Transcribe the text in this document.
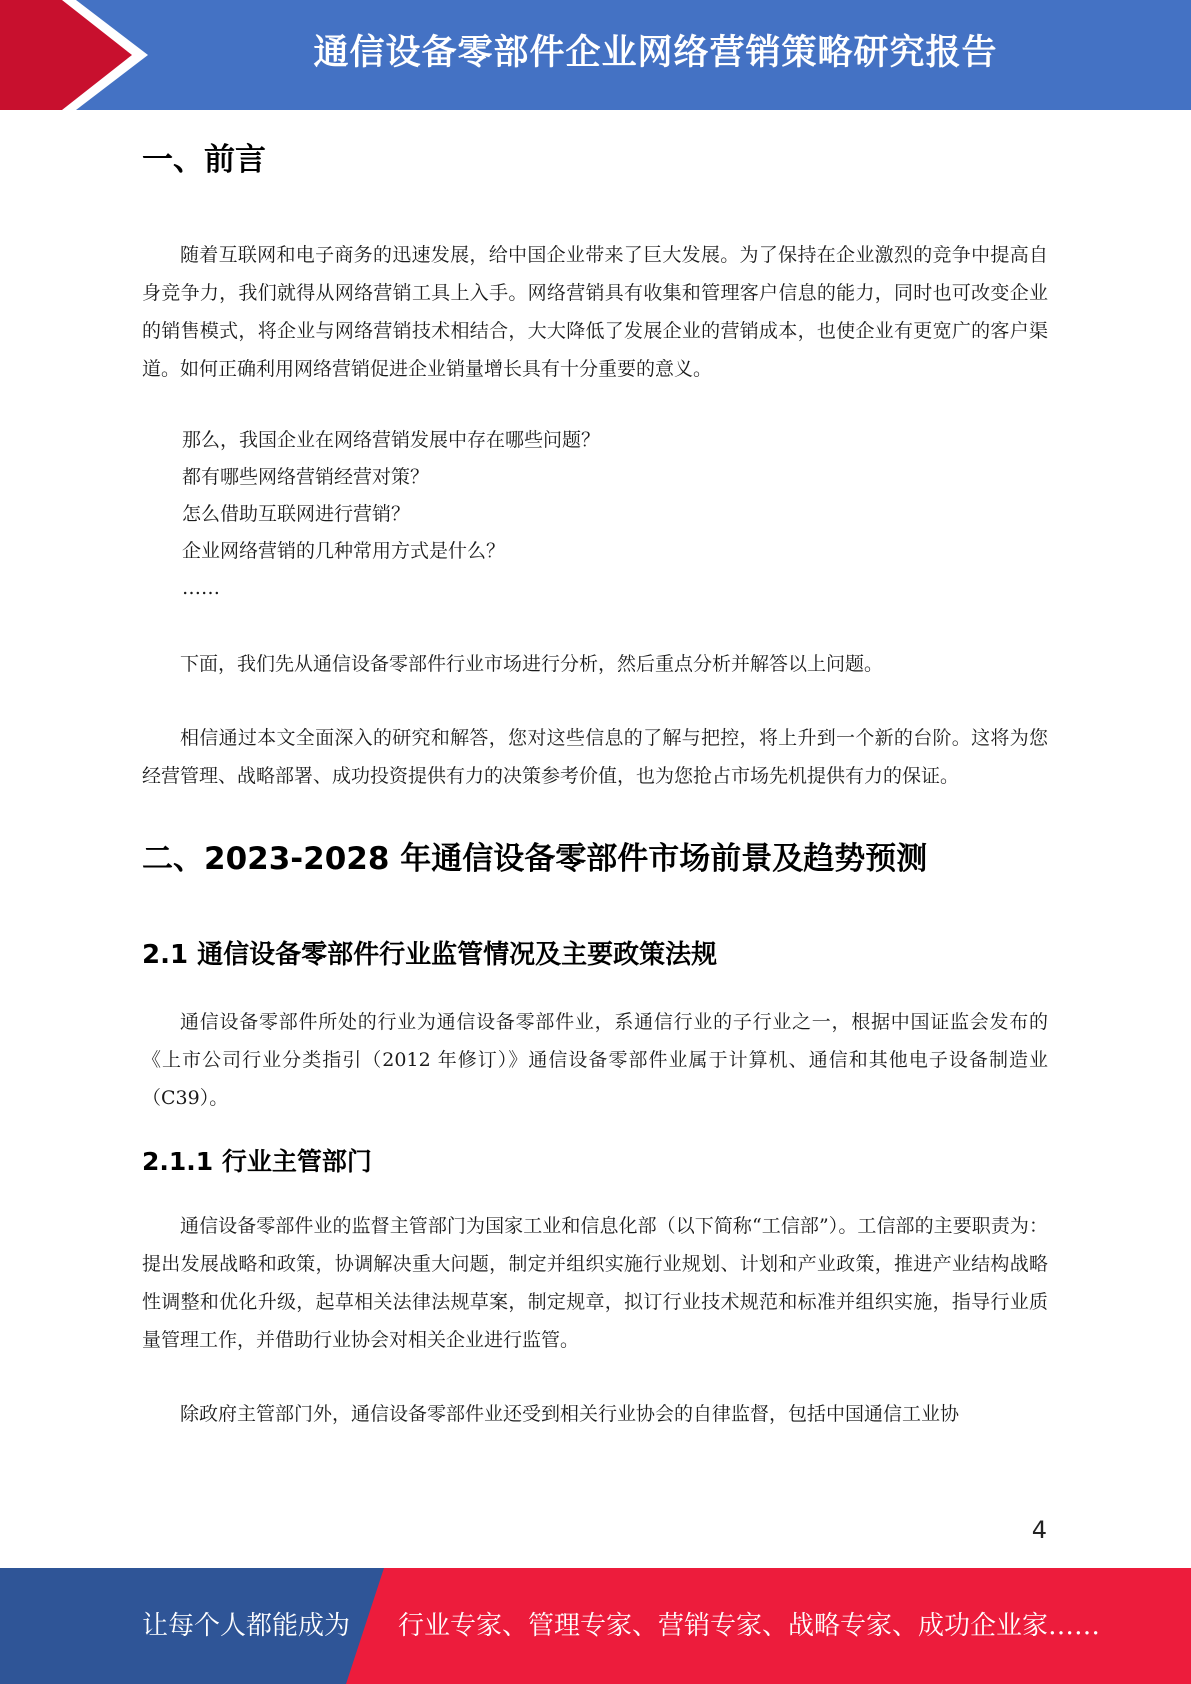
通信设备零部件企业网络营销策略研究报告
一、前言

随着互联网和电子商务的迅速发展，给中国企业带来了巨大发展。为了保持在企业激烈的竞争中提高自身竞争力，我们就得从网络营销工具上入手。网络营销具有收集和管理客户信息的能力，同时也可改变企业的销售模式，将企业与网络营销技术相结合，大大降低了发展企业的营销成本，也使企业有更宽广的客户渠道。如何正确利用网络营销促进企业销量增长具有十分重要的意义。

那么，我国企业在网络营销发展中存在哪些问题？
都有哪些网络营销经营对策？
怎么借助互联网进行营销？
企业网络营销的几种常用方式是什么？
……

下面，我们先从通信设备零部件行业市场进行分析，然后重点分析并解答以上问题。

相信通过本文全面深入的研究和解答，您对这些信息的了解与把控，将上升到一个新的台阶。这将为您经营管理、战略部署、成功投资提供有力的决策参考价值，也为您抢占市场先机提供有力的保证。

二、2023-2028 年通信设备零部件市场前景及趋势预测
2.1 通信设备零部件行业监管情况及主要政策法规

通信设备零部件所处的行业为通信设备零部件业，系通信行业的子行业之一，根据中国证监会发布的《上市公司行业分类指引（2012 年修订）》通信设备零部件业属于计算机、通信和其他电子设备制造业（C39）。

2.1.1 行业主管部门

通信设备零部件业的监督主管部门为国家工业和信息化部（以下简称“工信部”）。工信部的主要职责为：提出发展战略和政策，协调解决重大问题，制定并组织实施行业规划、计划和产业政策，推进产业结构战略性调整和优化升级，起草相关法律法规草案，制定规章，拟订行业技术规范和标准并组织实施，指导行业质量管理工作，并借助行业协会对相关企业进行监管。

除政府主管部门外，通信设备零部件业还受到相关行业协会的自律监督，包括中国通信工业协

4
让每个人都能成为 行业专家、管理专家、营销专家、战略专家、成功企业家……
